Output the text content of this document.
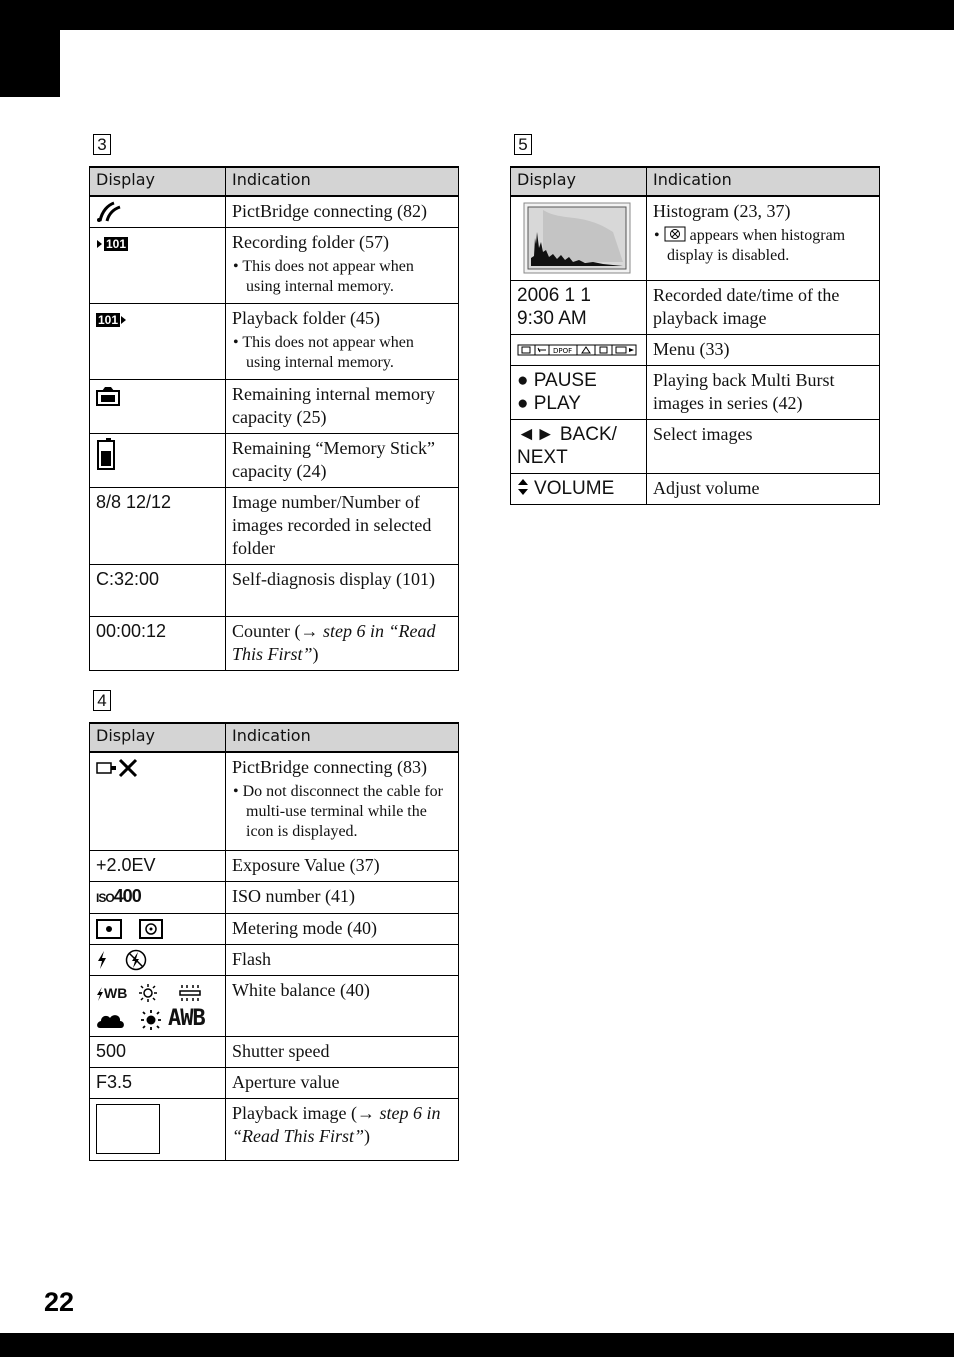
3
Display	Indication
	PictBridge connecting (82)

101	Recording folder (57)
• This does not appear when using internal memory.

101	Playback folder (45)
• This does not appear when using internal memory.

	Remaining internal memory capacity (25)
	Remaining “Memory Stick” capacity (24)
8/8 12/12	Image number/Number of images recorded in selected folder
C:32:00	Self-diagnosis display (101)
00:00:12	Counter (→ step 6 in “Read This First”)
4
Display	Indication
	PictBridge connecting (83)
• Do not disconnect the cable for multi-use terminal while the icon is displayed.

+2.0EV	Exposure Value (37)
ISO400	ISO number (41)
	Metering mode (40)
	Flash
WB
AWB	White balance (40)
500	Shutter speed
F3.5	Aperture value

	Playback image (→ step 6 in “Read This First”)
5
Display	Indication
	Histogram (23, 37)
• appears when histogram display is disabled.

2006 1 1
9:30 AM	Recorded date/time of the playback image

DPOF	Menu (33)
● PAUSE
● PLAY	Playing back Multi Burst images in series (42)
◄► BACK/
NEXT	Select images
VOLUME	Adjust volume
22
